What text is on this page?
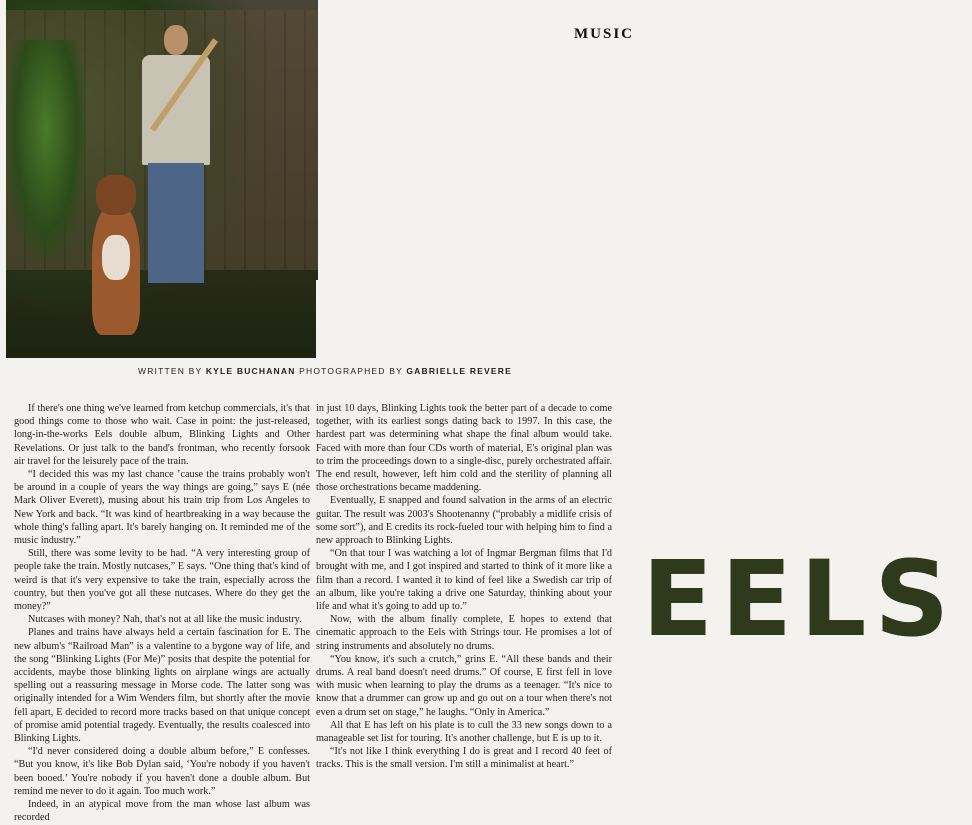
EELS
MUSIC
WRITTEN BY KYLE BUCHANAN PHOTOGRAPHED BY GABRIELLE REVERE

If there's one thing we've learned from ketchup commercials, it's that good things come to those who wait. Case in point: the just-released, long-in-the-works Eels double album, Blinking Lights and Other Revelations. Or just talk to the band's frontman, who recently forsook air travel for the leisurely pace of the train.

“I decided this was my last chance ’cause the trains probably won't be around in a couple of years the way things are going,” says E (née Mark Oliver Everett), musing about his train trip from Los Angeles to New York and back. “It was kind of heartbreaking in a way because the whole thing's falling apart. It's barely hanging on. It reminded me of the music industry.”

Still, there was some levity to be had. “A very interesting group of people take the train. Mostly nutcases,” E says. “One thing that's kind of weird is that it's very expensive to take the train, especially across the country, but then you've got all these nutcases. Where do they get the money?”

Nutcases with money? Nah, that's not at all like the music industry.

Planes and trains have always held a certain fascination for E. The new album's “Railroad Man” is a valentine to a bygone way of life, and the song “Blinking Lights (For Me)” posits that despite the potential for accidents, maybe those blinking lights on airplane wings are actually spelling out a reassuring message in Morse code. The latter song was originally intended for a Wim Wenders film, but shortly after the movie fell apart, E decided to record more tracks based on that unique concept of promise amid potential tragedy. Eventually, the results coalesced into Blinking Lights.

“I'd never considered doing a double album before,” E confesses. “But you know, it's like Bob Dylan said, ‘You're nobody if you haven't been booed.’ You're nobody if you haven't done a double album. But remind me never to do it again. Too much work.”

Indeed, in an atypical move from the man whose last album was recorded

in just 10 days, Blinking Lights took the better part of a decade to come together, with its earliest songs dating back to 1997. In this case, the hardest part was determining what shape the final album would take. Faced with more than four CDs worth of material, E's original plan was to trim the proceedings down to a single-disc, purely orchestrated affair. The end result, however, left him cold and the sterility of planning all those orchestrations became maddening.

Eventually, E snapped and found salvation in the arms of an electric guitar. The result was 2003's Shootenanny (“probably a midlife crisis of some sort”), and E credits its rock-fueled tour with helping him to find a new approach to Blinking Lights.

“On that tour I was watching a lot of Ingmar Bergman films that I'd brought with me, and I got inspired and started to think of it more like a film than a record. I wanted it to kind of feel like a Swedish car trip of an album, like you're taking a drive one Saturday, thinking about your life and what it's going to add up to.”

Now, with the album finally complete, E hopes to extend that cinematic approach to the Eels with Strings tour. He promises a lot of string instruments and absolutely no drums.

“You know, it's such a crutch,” grins E. “All these bands and their drums. A real band doesn't need drums.” Of course, E first fell in love with music when learning to play the drums as a teenager. “It's nice to know that a drummer can grow up and go out on a tour when there's not even a drum set on stage,” he laughs. “Only in America.”

All that E has left on his plate is to cull the 33 new songs down to a manageable set list for touring. It's another challenge, but E is up to it.

“It's not like I think everything I do is great and I record 40 feet of tracks. This is the small version. I'm still a minimalist at heart.”
